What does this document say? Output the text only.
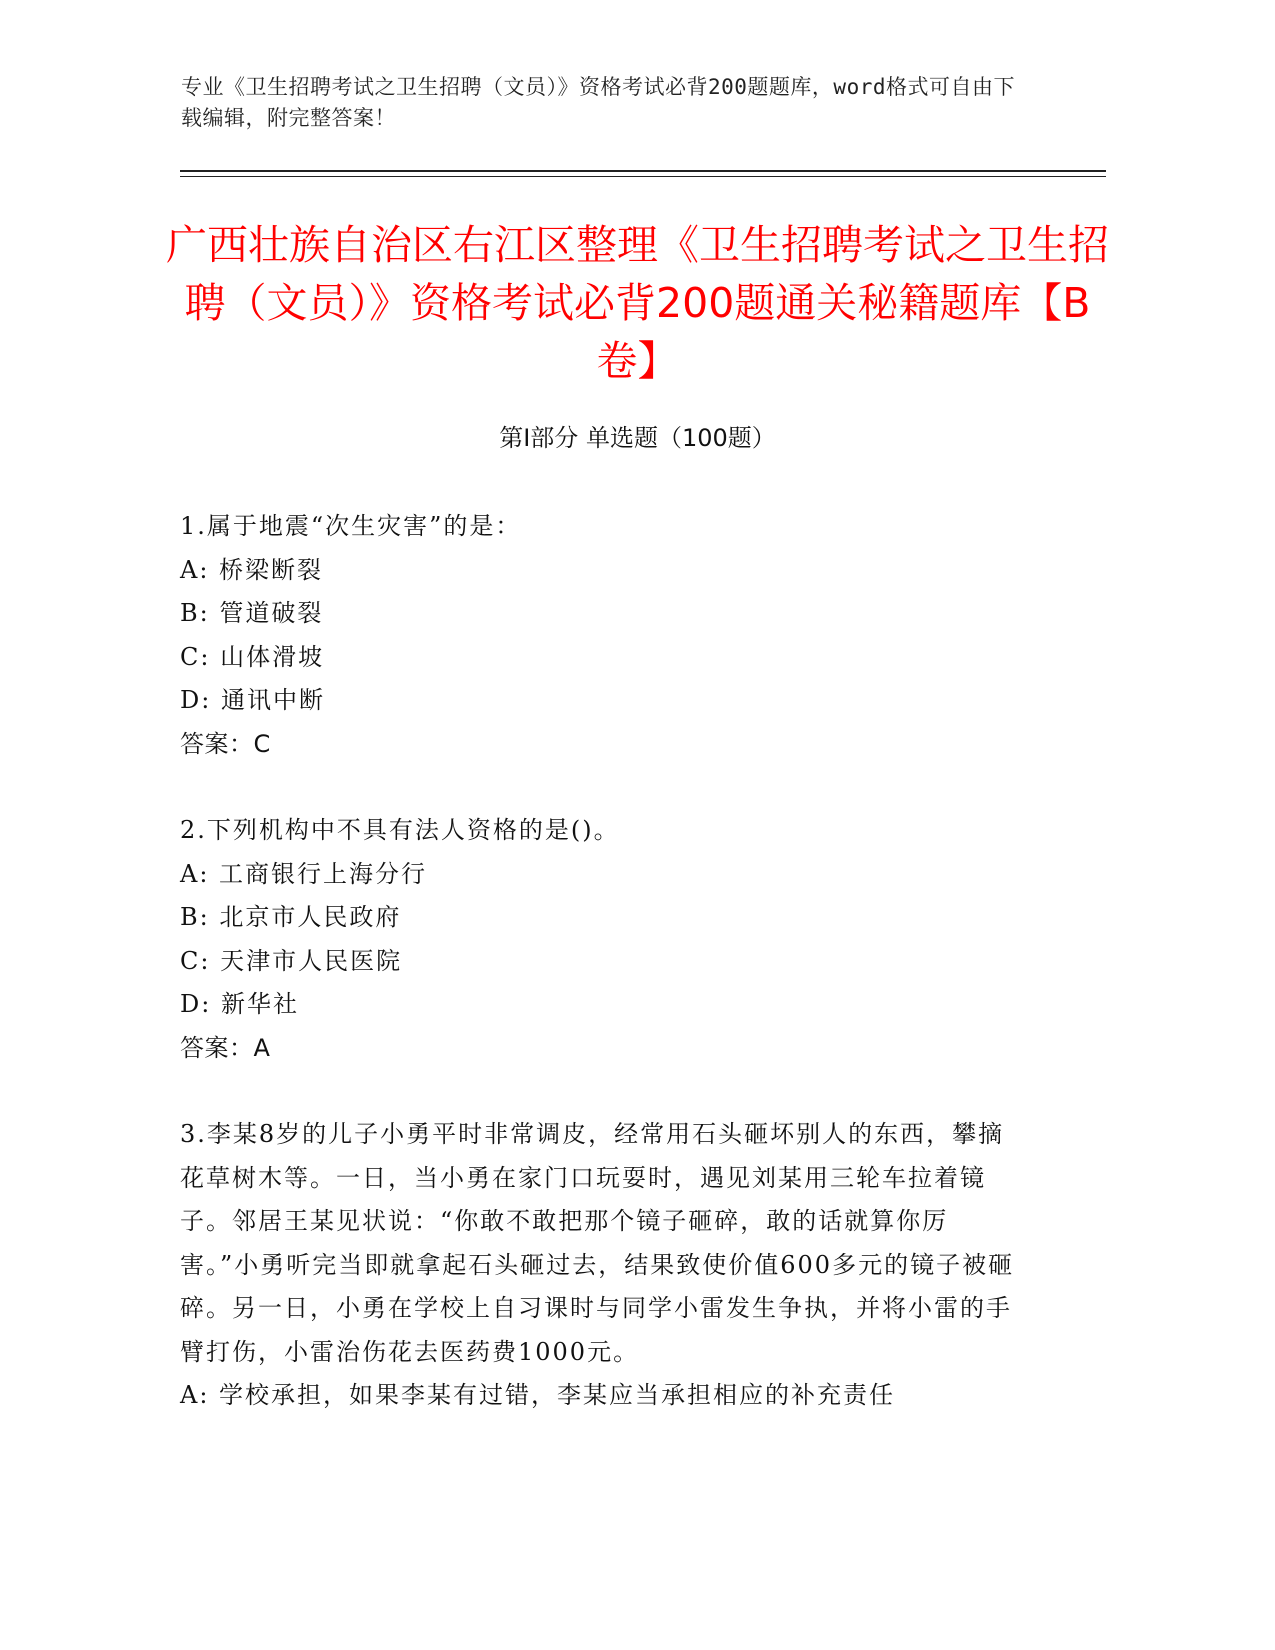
专业《卫生招聘考试之卫生招聘（文员）》资格考试必背200题题库，word格式可自由下载编辑，附完整答案！
广西壮族自治区右江区整理《卫生招聘考试之卫生招聘（文员）》资格考试必背200题通关秘籍题库【B卷】
第Ⅰ部分 单选题（100题）
1.属于地震“次生灾害”的是：
A: 桥梁断裂
B: 管道破裂
C: 山体滑坡
D: 通讯中断
答案：C
2.下列机构中不具有法人资格的是()。
A: 工商银行上海分行
B: 北京市人民政府
C: 天津市人民医院
D: 新华社
答案：A
3.李某8岁的儿子小勇平时非常调皮，经常用石头砸坏别人的东西，攀摘花草树木等。一日，当小勇在家门口玩耍时，遇见刘某用三轮车拉着镜子。邻居王某见状说：“你敢不敢把那个镜子砸碎，敢的话就算你厉害。”小勇听完当即就拿起石头砸过去，结果致使价值600多元的镜子被砸碎。另一日，小勇在学校上自习课时与同学小雷发生争执，并将小雷的手臂打伤，小雷治伤花去医药费1000元。
A: 学校承担，如果李某有过错，李某应当承担相应的补充责任
